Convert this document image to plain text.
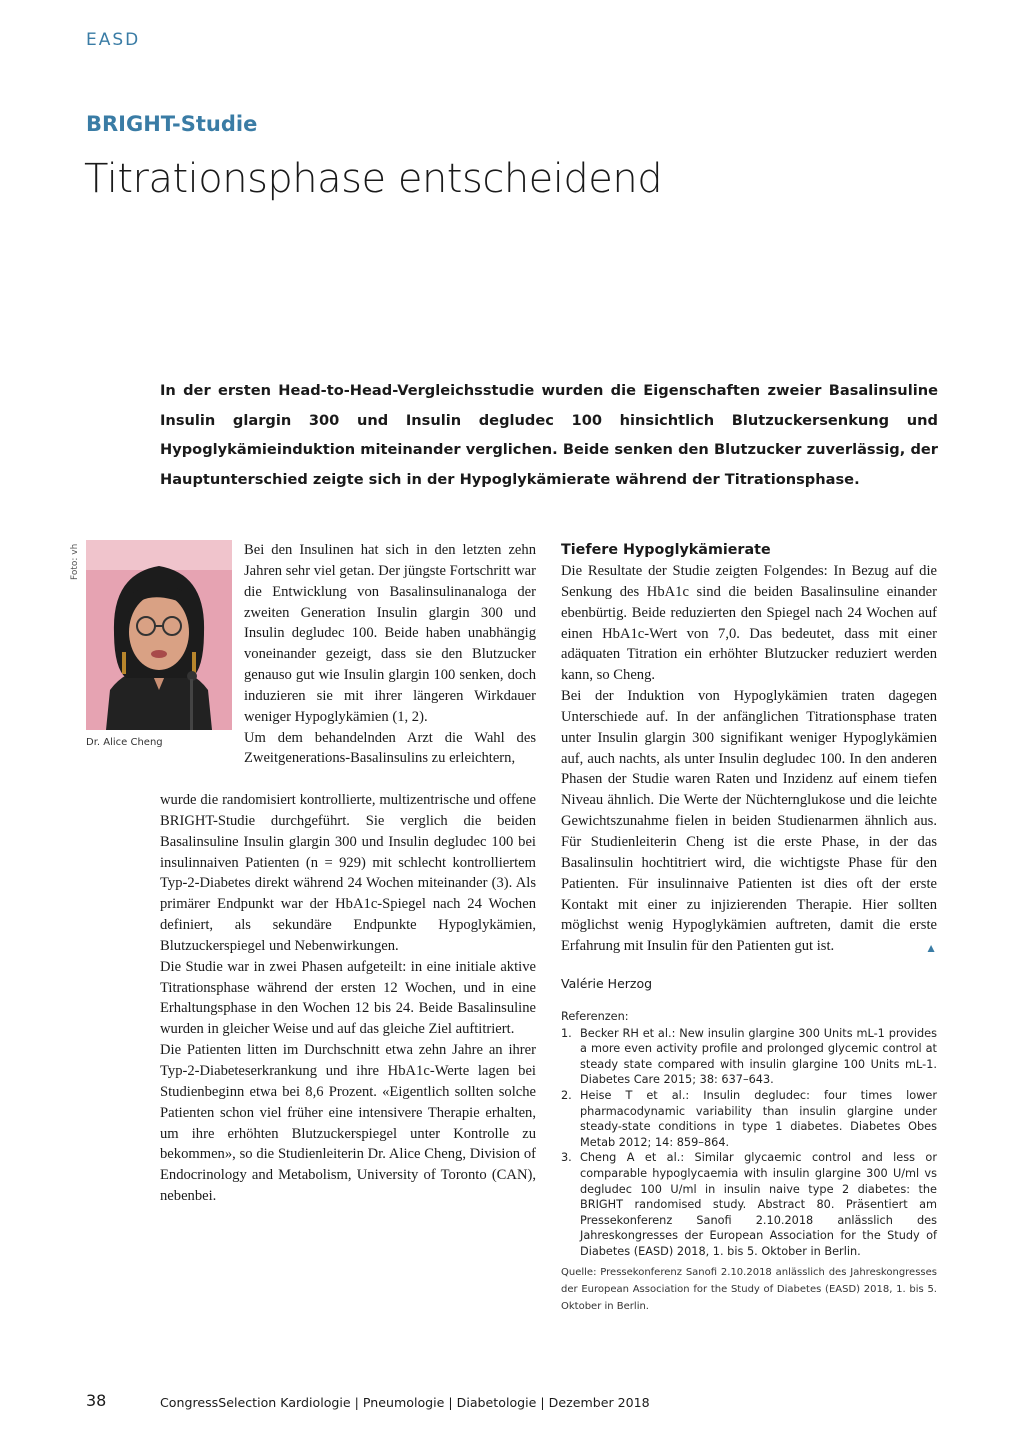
EASD
BRIGHT-Studie
Titrationsphase entscheidend
In der ersten Head-to-Head-Vergleichsstudie wurden die Eigenschaften zweier Basalinsuline Insulin glargin 300 und Insulin degludec 100 hinsichtlich Blutzuckersenkung und Hypoglykämieinduktion miteinander verglichen. Beide senken den Blutzucker zuverlässig, der Hauptunterschied zeigte sich in der Hypoglykämierate während der Titrationsphase.
Foto: vh
Dr. Alice Cheng

Bei den Insulinen hat sich in den letzten zehn Jahren sehr viel getan. Der jüngste Fortschritt war die Entwicklung von Basalinsulinanaloga der zweiten Generation Insulin glargin 300 und Insulin degludec 100. Beide haben unabhängig voneinander gezeigt, dass sie den Blutzucker genauso gut wie Insulin glargin 100 senken, doch induzieren sie mit ihrer längeren Wirkdauer weniger Hypoglykämien (1, 2).

Um dem behandelnden Arzt die Wahl des Zweitgenerations-Basalinsulins zu erleichtern,

wurde die randomisiert kontrollierte, multizentrische und offene BRIGHT-Studie durchgeführt. Sie verglich die beiden Basalinsuline Insulin glargin 300 und Insulin degludec 100 bei insulinnaiven Patienten (n = 929) mit schlecht kontrolliertem Typ-2-Diabetes direkt während 24 Wochen miteinander (3). Als primärer Endpunkt war der HbA1c-Spiegel nach 24 Wochen definiert, als sekundäre Endpunkte Hypoglykämien, Blutzuckerspiegel und Nebenwirkungen.

Die Studie war in zwei Phasen aufgeteilt: in eine initiale aktive Titrationsphase während der ersten 12 Wochen, und in eine Erhaltungsphase in den Wochen 12 bis 24. Beide Basalinsuline wurden in gleicher Weise und auf das gleiche Ziel auftitriert.

Die Patienten litten im Durchschnitt etwa zehn Jahre an ihrer Typ-2-Diabeteserkrankung und ihre HbA1c-Werte lagen bei Studienbeginn etwa bei 8,6 Prozent. «Eigentlich sollten solche Patienten schon viel früher eine intensivere Therapie erhalten, um ihre erhöhten Blutzuckerspiegel unter Kontrolle zu bekommen», so die Studienleiterin Dr. Alice Cheng, Division of Endocrinology and Metabolism, University of Toronto (CAN), nebenbei.

Tiefere Hypoglykämierate

Die Resultate der Studie zeigten Folgendes: In Bezug auf die Senkung des HbA1c sind die beiden Basalinsuline einander ebenbürtig. Beide reduzierten den Spiegel nach 24 Wochen auf einen HbA1c-Wert von 7,0. Das bedeutet, dass mit einer adäquaten Titration ein erhöhter Blutzucker reduziert werden kann, so Cheng.

Bei der Induktion von Hypoglykämien traten dagegen Unterschiede auf. In der anfänglichen Titrationsphase traten unter Insulin glargin 300 signifikant weniger Hypoglykämien auf, auch nachts, als unter Insulin degludec 100. In den anderen Phasen der Studie waren Raten und Inzidenz auf einem tiefen Niveau ähnlich. Die Werte der Nüchternglukose und die leichte Gewichtszunahme fielen in beiden Studienarmen ähnlich aus. Für Studienleiterin Cheng ist die erste Phase, in der das Basalinsulin hochtitriert wird, die wichtigste Phase für den Patienten. Für insulinnaive Patienten ist dies oft der erste Kontakt mit einer zu injizierenden Therapie. Hier sollten möglichst wenig Hypoglykämien auftreten, damit die erste Erfahrung mit Insulin für den Patienten gut ist.	▲

Valérie Herzog
Referenzen:
1. Becker RH et al.: New insulin glargine 300 Units mL-1 provides a more even activity profile and prolonged glycemic control at steady state compared with insulin glargine 100 Units mL-1. Diabetes Care 2015; 38: 637–643.
2. Heise T et al.: Insulin degludec: four times lower pharmacodynamic variability than insulin glargine under steady-state conditions in type 1 diabetes. Diabetes Obes Metab 2012; 14: 859–864.
3. Cheng A et al.: Similar glycaemic control and less or comparable hypoglycaemia with insulin glargine 300 U/ml vs degludec 100 U/ml in insulin naive type 2 diabetes: the BRIGHT randomised study. Abstract 80. Präsentiert am Pressekonferenz Sanofi 2.10.2018 anlässlich des Jahreskongresses der European Association for the Study of Diabetes (EASD) 2018, 1. bis 5. Oktober in Berlin.
Quelle: Pressekonferenz Sanofi 2.10.2018 anlässlich des Jahreskongresses der European Association for the Study of Diabetes (EASD) 2018, 1. bis 5. Oktober in Berlin.
38	CongressSelection Kardiologie | Pneumologie | Diabetologie | Dezember 2018
